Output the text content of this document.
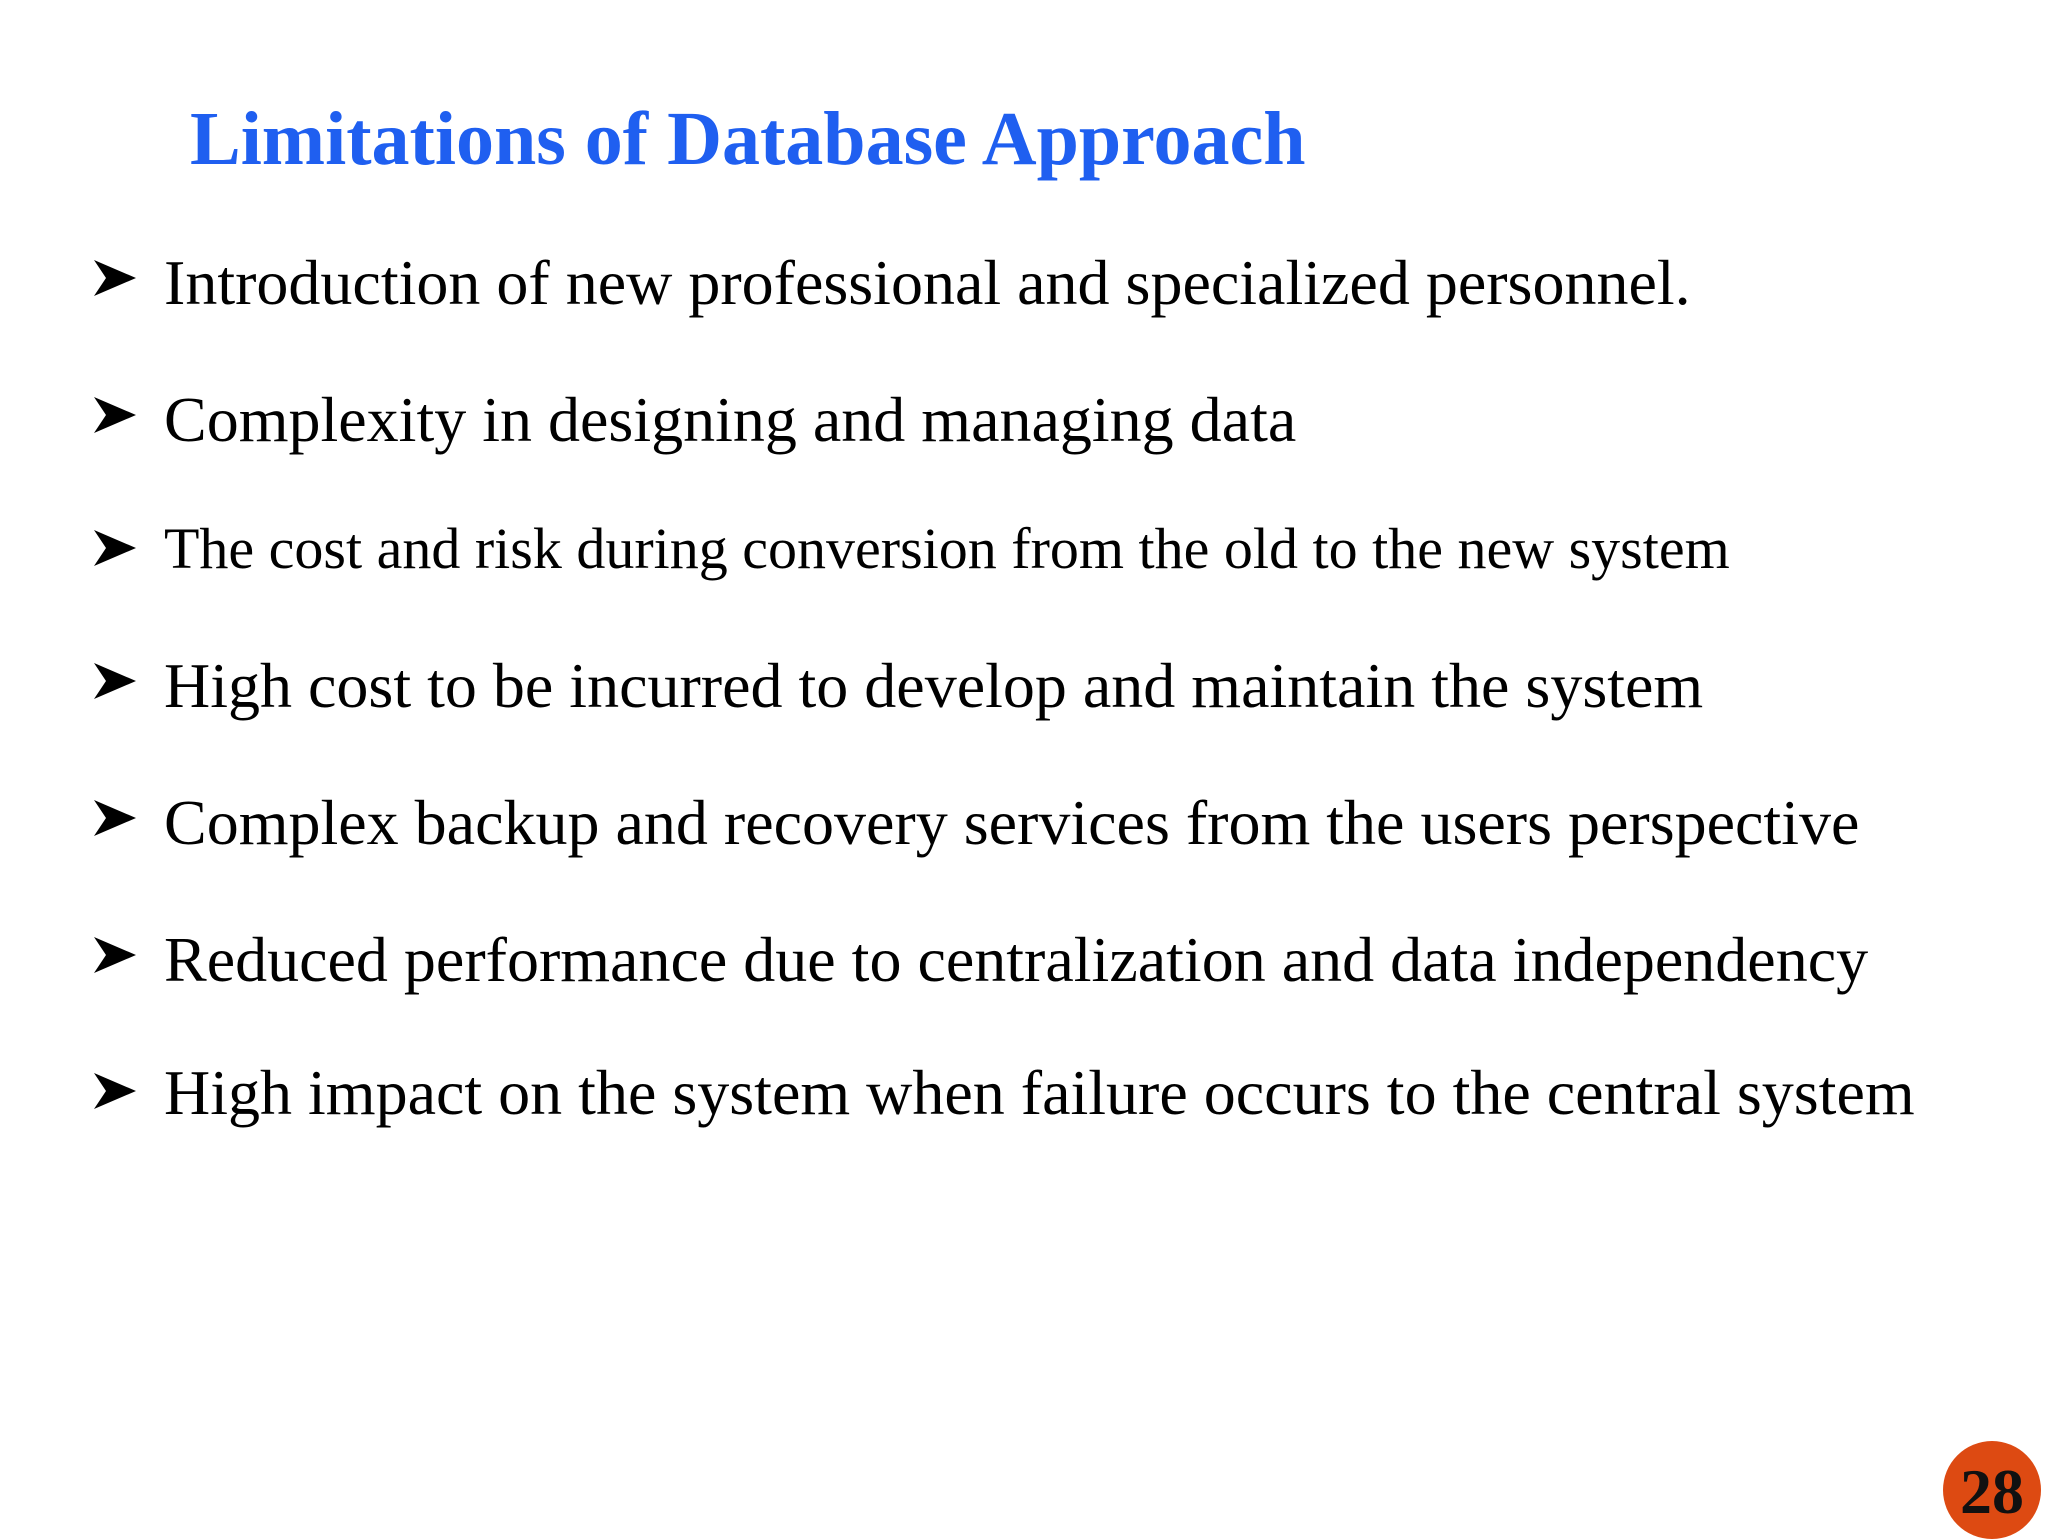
Limitations of Database Approach
Introduction of new professional and specialized personnel.
Complexity in designing and managing data
The cost and risk during conversion from the old to the new system
High cost to be incurred to develop and maintain the system
Complex backup and recovery services from the users perspective
Reduced performance due to centralization and data independency
High impact on the system when failure occurs to the central system
28
